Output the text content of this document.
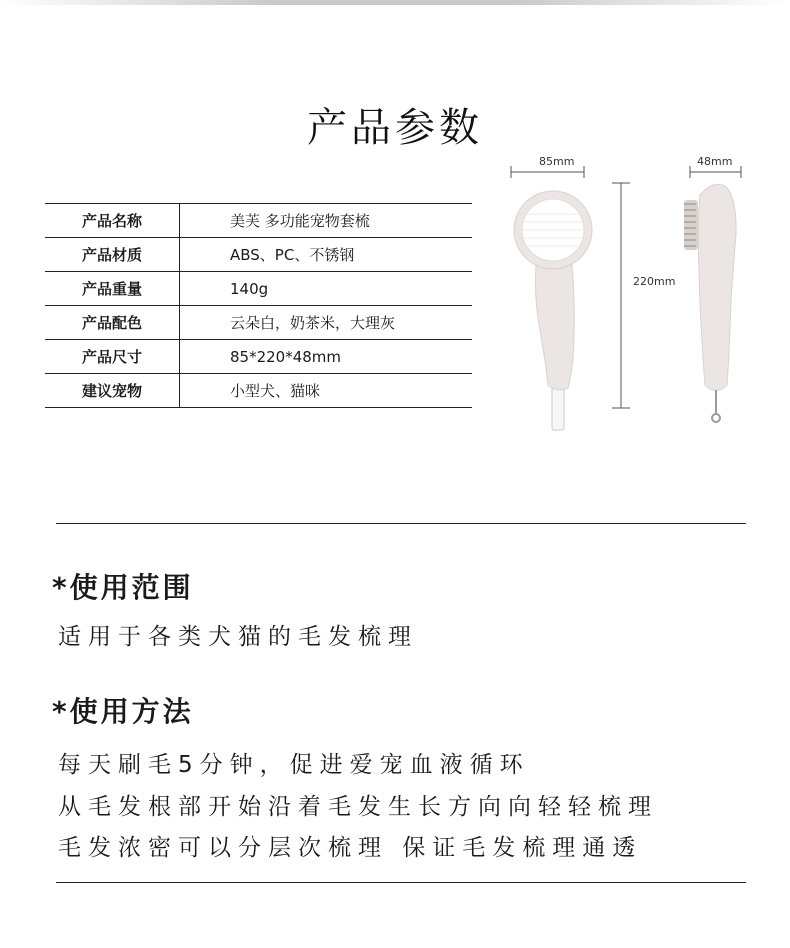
产品参数
产品名称	美芙 多功能宠物套梳
产品材质	ABS、PC、不锈钢
产品重量	140g
产品配色	云朵白，奶茶米，大理灰
产品尺寸	85*220*48mm
建议宠物	小型犬、猫咪
85mm	48mm
220mm
*使用范围
适用于各类犬猫的毛发梳理
*使用方法
每天刷毛5分钟，促进爱宠血液循环
从毛发根部开始沿着毛发生长方向向轻轻梳理
毛发浓密可以分层次梳理 保证毛发梳理通透
